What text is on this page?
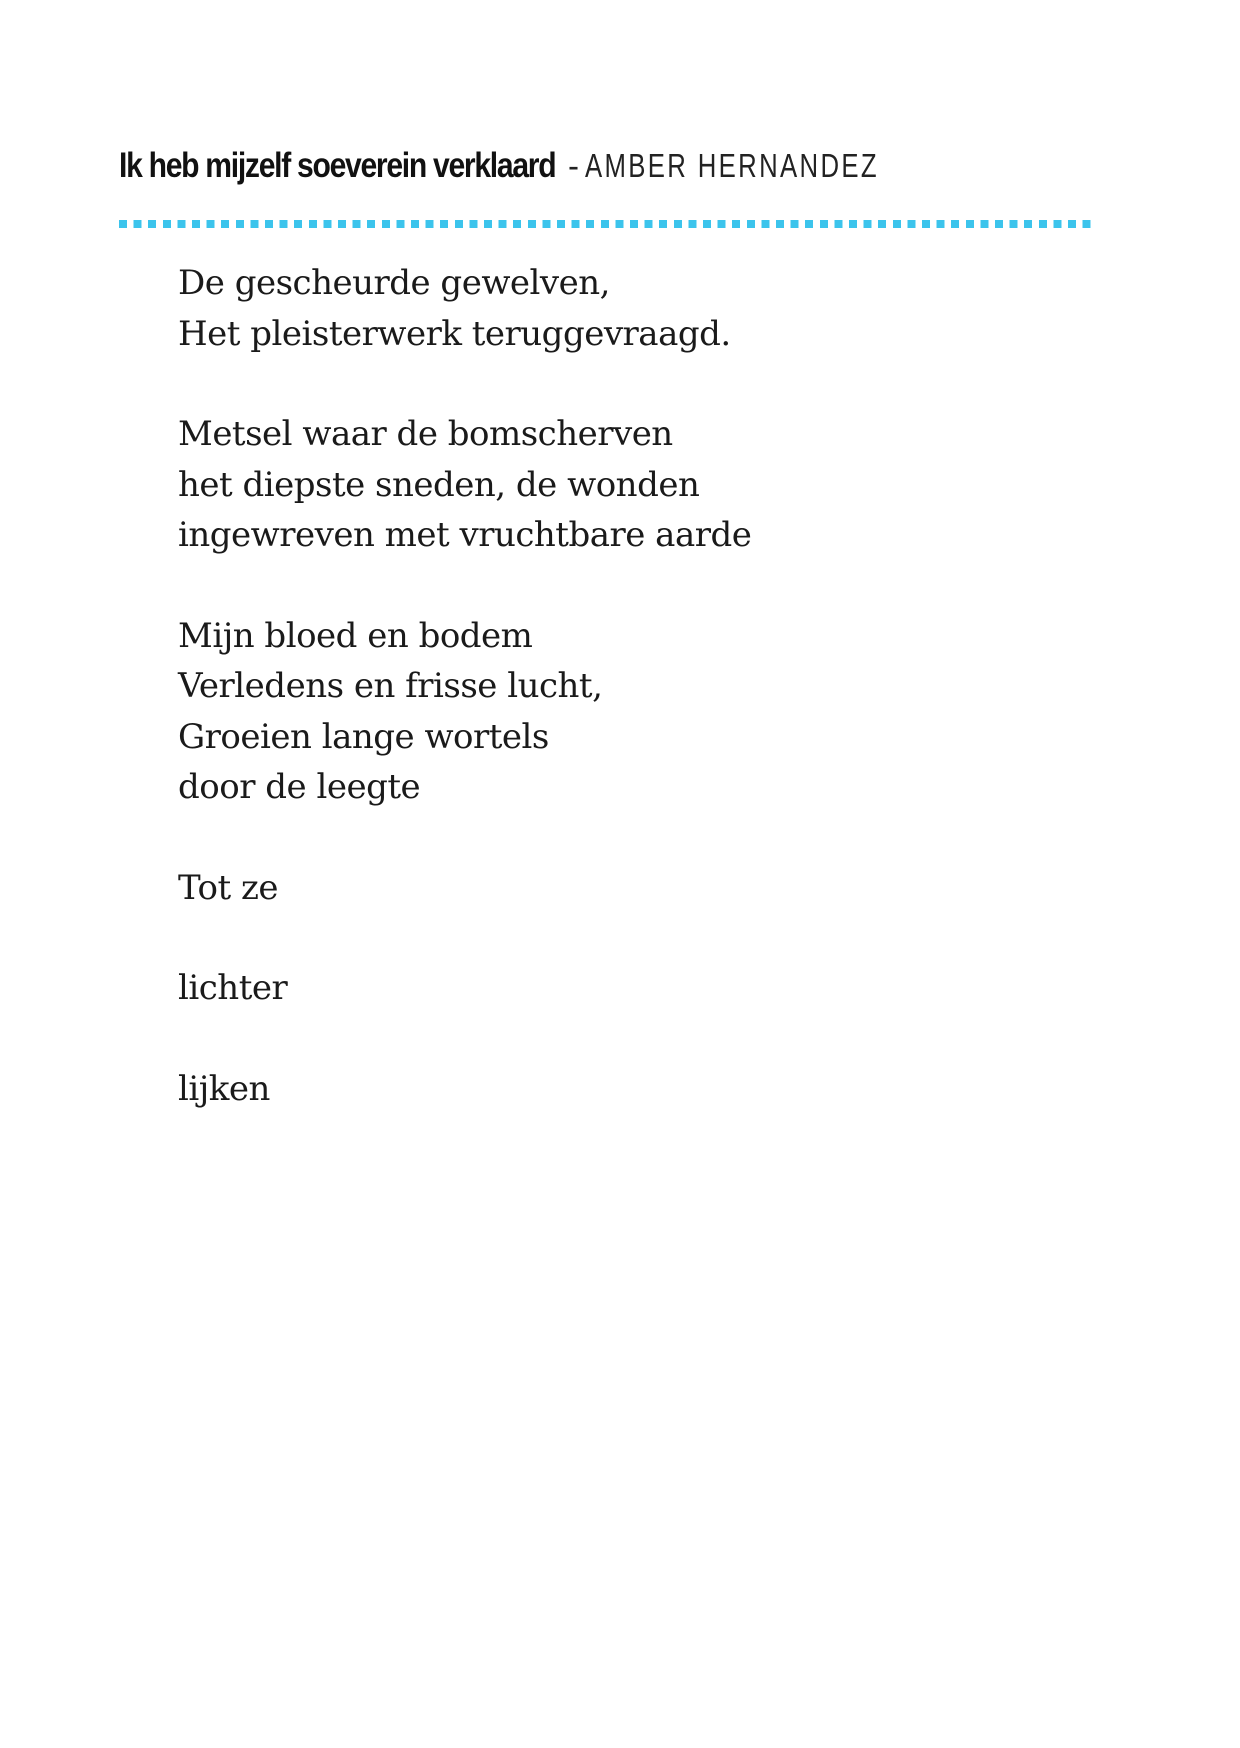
Ik heb mijzelf soeverein verklaard - AMBER HERNANDEZ
De gescheurde gewelven,
Het pleisterwerk teruggevraagd.
Metsel waar de bomscherven
het diepste sneden, de wonden
ingewreven met vruchtbare aarde
Mijn bloed en bodem
Verledens en frisse lucht,
Groeien lange wortels
door de leegte
Tot ze
lichter
lijken
